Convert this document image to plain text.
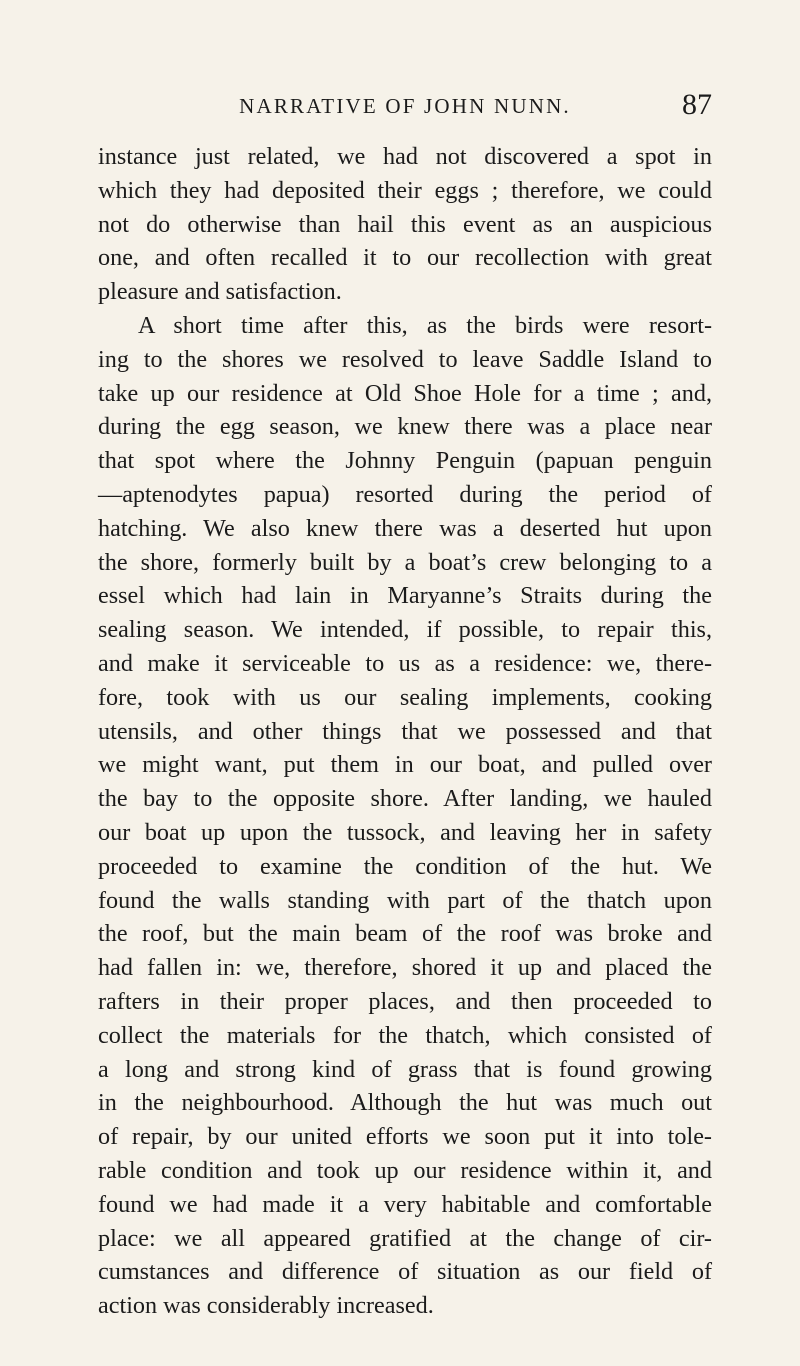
NARRATIVE OF JOHN NUNN.	87
instance just related, we had not discovered a spot in
which they had deposited their eggs ; therefore, we could
not do otherwise than hail this event as an auspicious
one, and often recalled it to our recollection with great
pleasure and satisfaction.
A short time after this, as the birds were resort-
ing to the shores we resolved to leave Saddle Island to
take up our residence at Old Shoe Hole for a time ; and,
during the egg season, we knew there was a place near
that spot where the Johnny Penguin (papuan penguin
—aptenodytes papua) resorted during the period of
hatching. We also knew there was a deserted hut upon
the shore, formerly built by a boat’s crew belonging to a
essel which had lain in Maryanne’s Straits during the
sealing season. We intended, if possible, to repair this,
and make it serviceable to us as a residence: we, there-
fore, took with us our sealing implements, cooking
utensils, and other things that we possessed and that
we might want, put them in our boat, and pulled over
the bay to the opposite shore. After landing, we hauled
our boat up upon the tussock, and leaving her in safety
proceeded to examine the condition of the hut. We
found the walls standing with part of the thatch upon
the roof, but the main beam of the roof was broke and
had fallen in: we, therefore, shored it up and placed the
rafters in their proper places, and then proceeded to
collect the materials for the thatch, which consisted of
a long and strong kind of grass that is found growing
in the neighbourhood. Although the hut was much out
of repair, by our united efforts we soon put it into tole-
rable condition and took up our residence within it, and
found we had made it a very habitable and comfortable
place: we all appeared gratified at the change of cir-
cumstances and difference of situation as our field of
action was considerably increased.
